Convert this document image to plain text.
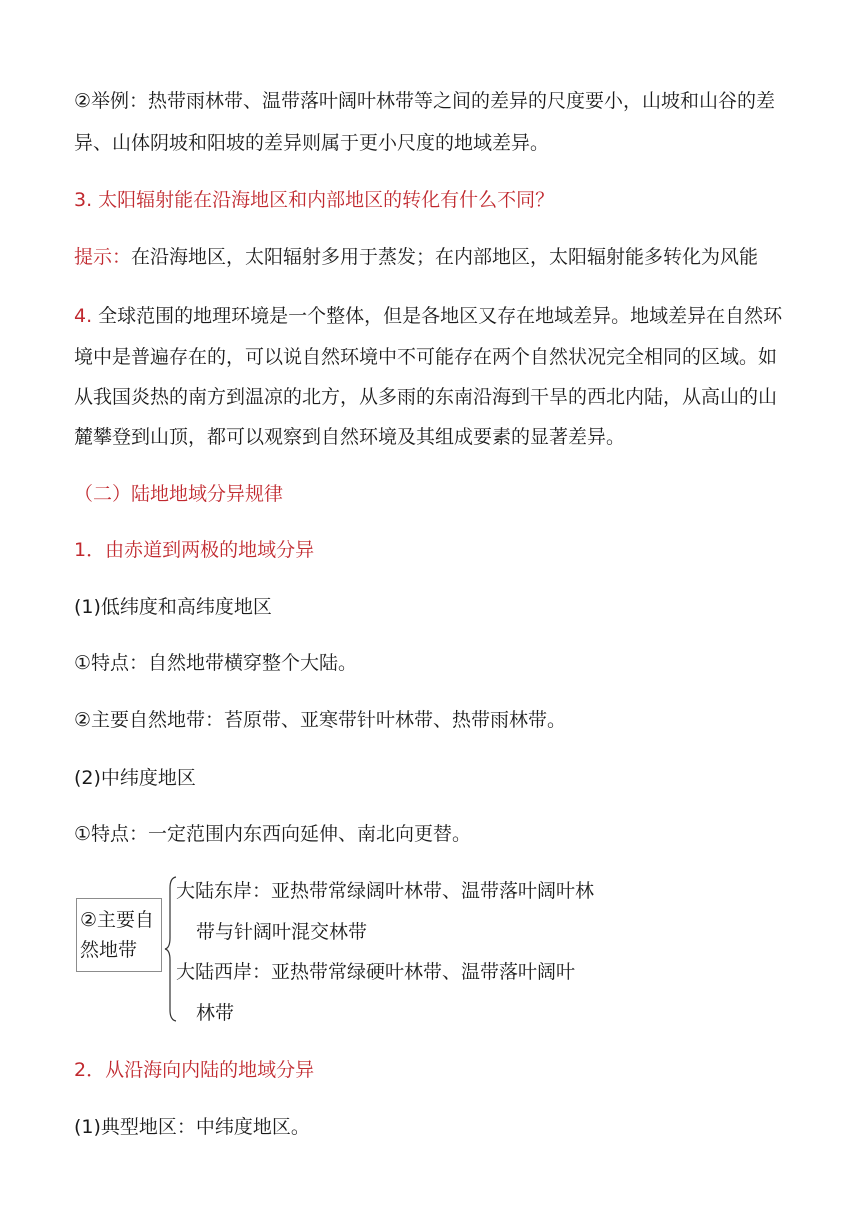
②举例：热带雨林带、温带落叶阔叶林带等之间的差异的尺度要小，山坡和山谷的差
异、山体阴坡和阳坡的差异则属于更小尺度的地域差异。
3. 太阳辐射能在沿海地区和内部地区的转化有什么不同？
提示：在沿海地区，太阳辐射多用于蒸发；在内部地区，太阳辐射能多转化为风能
4. 全球范围的地理环境是一个整体，但是各地区又存在地域差异。地域差异在自然环
境中是普遍存在的，可以说自然环境中不可能存在两个自然状况完全相同的区域。如
从我国炎热的南方到温凉的北方，从多雨的东南沿海到干旱的西北内陆，从高山的山
麓攀登到山顶，都可以观察到自然环境及其组成要素的显著差异。
（二）陆地地域分异规律
1．由赤道到两极的地域分异
(1)低纬度和高纬度地区
①特点：自然地带横穿整个大陆。
②主要自然地带：苔原带、亚寒带针叶林带、热带雨林带。
(2)中纬度地区
①特点：一定范围内东西向延伸、南北向更替。
②主要自
然地带
大陆东岸：亚热带常绿阔叶林带、温带落叶阔叶林
带与针阔叶混交林带
大陆西岸：亚热带常绿硬叶林带、温带落叶阔叶
林带
2．从沿海向内陆的地域分异
(1)典型地区：中纬度地区。
